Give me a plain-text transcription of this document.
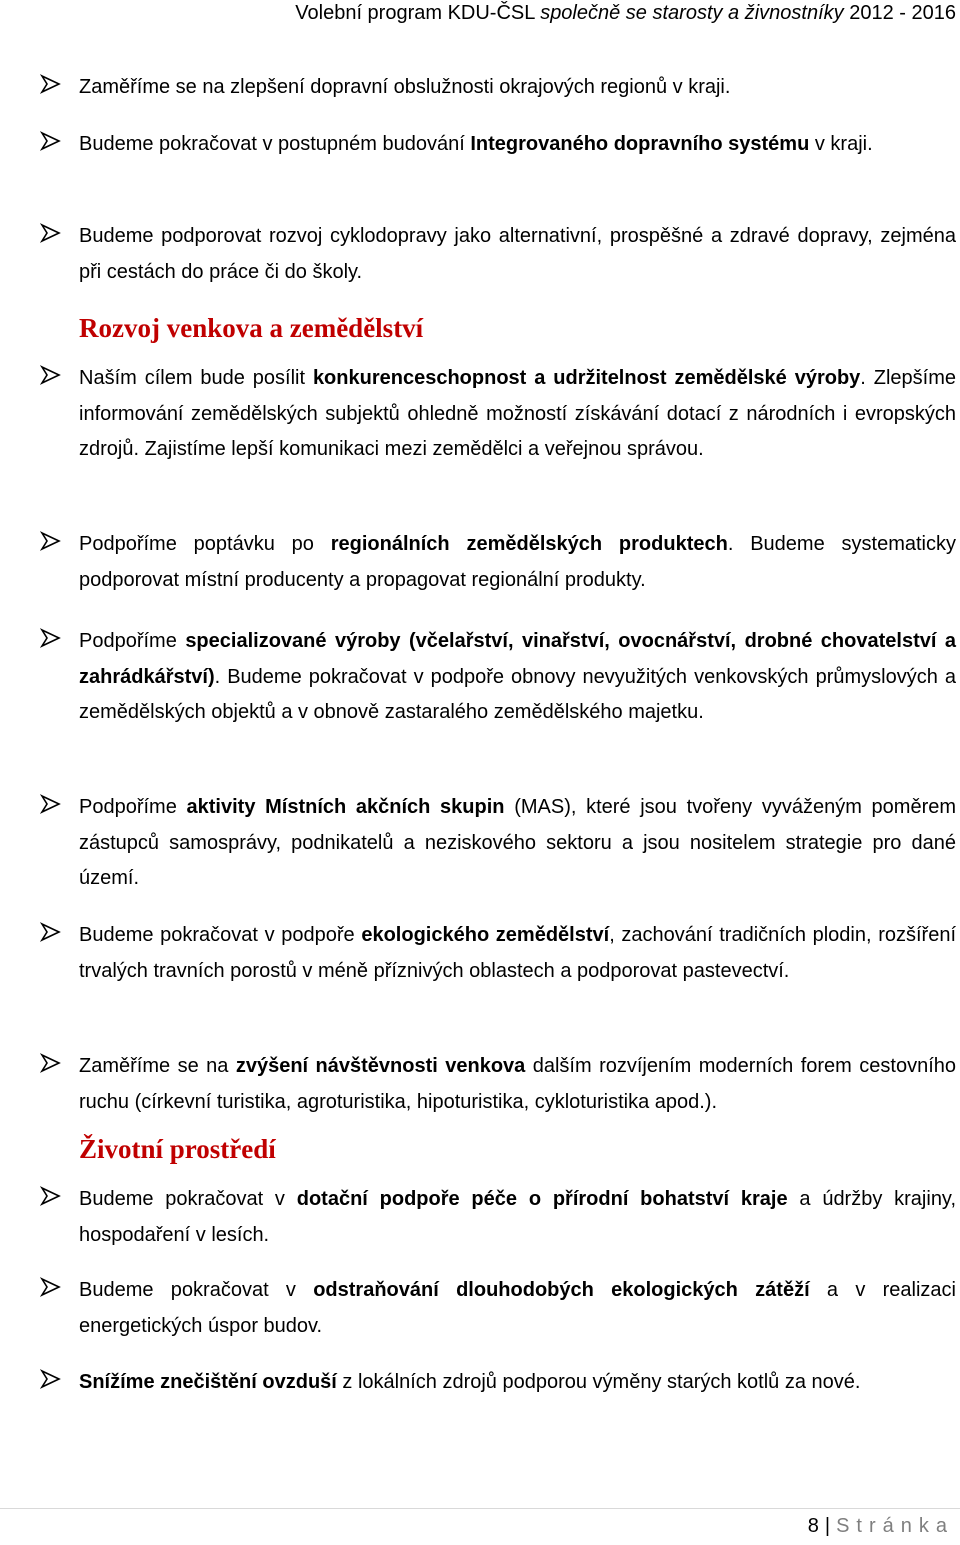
Volební program KDU-ČSL společně se starosty a živnostníky 2012 - 2016

Zaměříme se na zlepšení dopravní obslužnosti okrajových regionů v kraji.

Budeme pokračovat v postupném budování Integrovaného dopravního systému v kraji.

Budeme podporovat rozvoj cyklodopravy jako alternativní, prospěšné a zdravé dopravy, zejména při cestách do práce či do školy.

Rozvoj venkova a zemědělství

Naším cílem bude posílit konkurenceschopnost a udržitelnost zemědělské výroby. Zlepšíme informování zemědělských subjektů ohledně možností získávání dotací z národních i evropských zdrojů. Zajistíme lepší komunikaci mezi zemědělci a veřejnou správou.

Podpoříme poptávku po regionálních zemědělských produktech. Budeme systematicky podporovat místní producenty a propagovat regionální produkty.

Podpoříme specializované výroby (včelařství, vinařství, ovocnářství, drobné chovatelství a zahrádkářství). Budeme pokračovat v podpoře obnovy nevyužitých venkovských průmyslových a zemědělských objektů a v obnově zastaralého zemědělského majetku.

Podpoříme aktivity Místních akčních skupin (MAS), které jsou tvořeny vyváženým poměrem zástupců samosprávy, podnikatelů a neziskového sektoru a jsou nositelem strategie pro dané území.

Budeme pokračovat v podpoře ekologického zemědělství, zachování tradičních plodin, rozšíření trvalých travních porostů v méně příznivých oblastech a podporovat pastevectví.

Zaměříme se na zvýšení návštěvnosti venkova dalším rozvíjením moderních forem cestovního ruchu (církevní turistika, agroturistika, hipoturistika, cykloturistika apod.).

Životní prostředí

Budeme pokračovat v dotační podpoře péče o přírodní bohatství kraje a údržby krajiny, hospodaření v lesích.

Budeme pokračovat v odstraňování dlouhodobých ekologických zátěží a v realizaci energetických úspor budov.

Snížíme znečištění ovzduší z lokálních zdrojů podporou výměny starých kotlů za nové.

8 | Stránka
